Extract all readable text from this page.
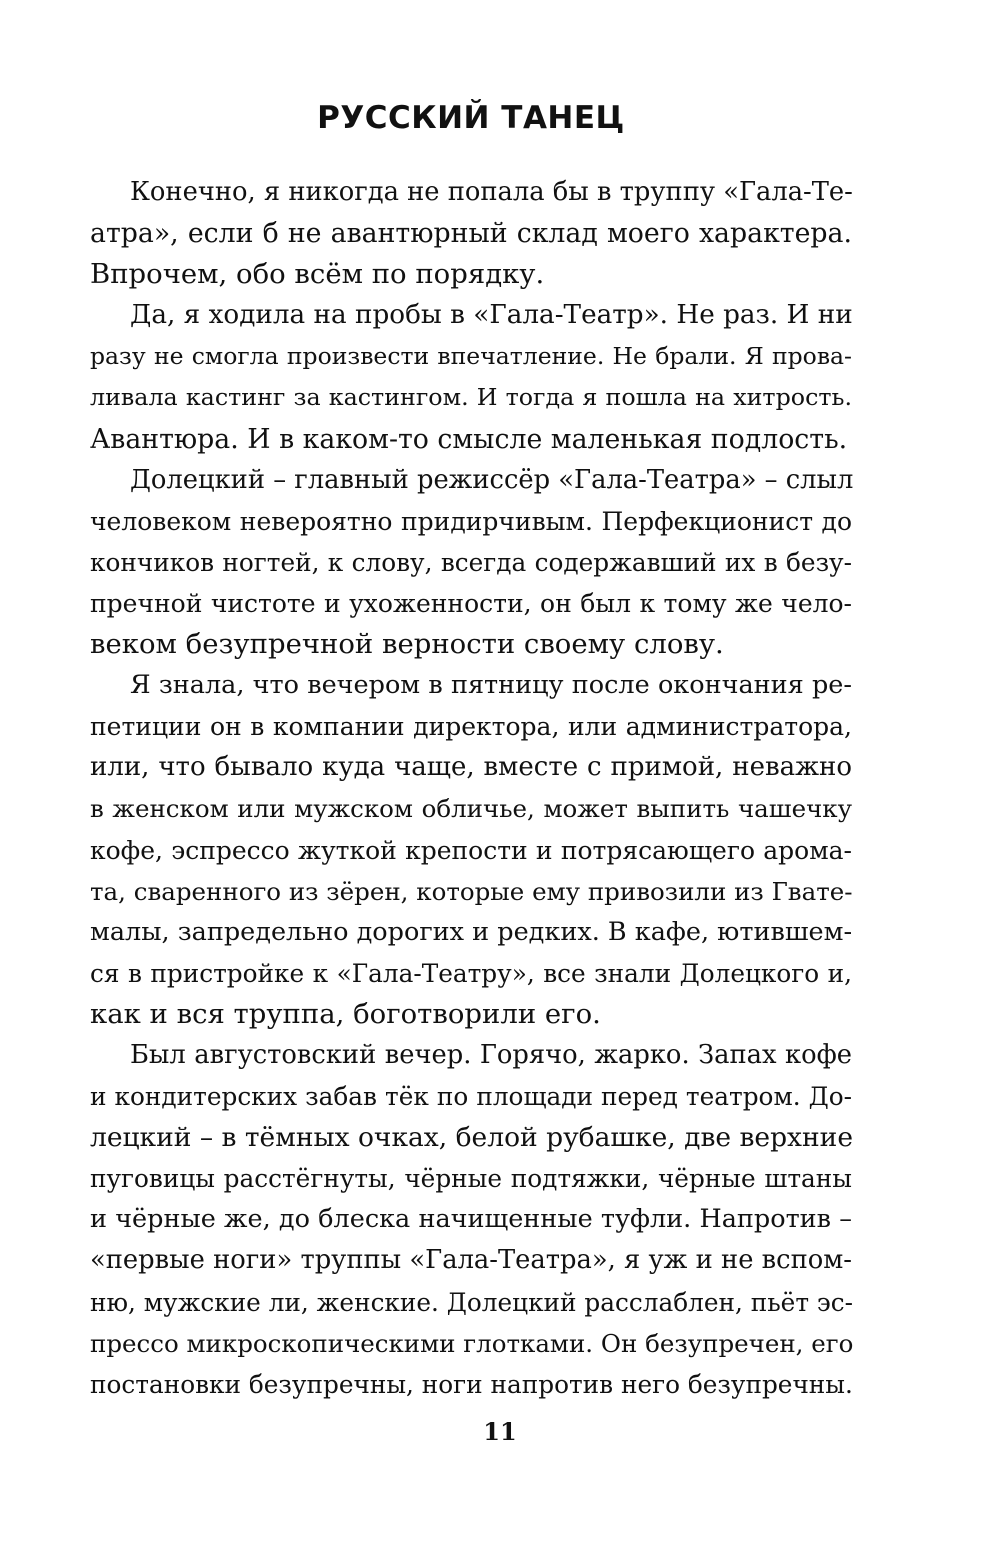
РУССКИЙ ТАНЕЦ

Конечно, я никогда не попала бы в труппу «Гала-Те-
атра», если б не авантюрный склад моего характера.
Впрочем, обо всём по порядку.

Да, я ходила на пробы в «Гала-Театр». Не раз. И ни
разу не смогла произвести впечатление. Не брали. Я прова-
ливала кастинг за кастингом. И тогда я пошла на хитрость.
Авантюра. И в каком-то смысле маленькая подлость.

Долецкий – главный режиссёр «Гала-Театра» – слыл
человеком невероятно придирчивым. Перфекционист до
кончиков ногтей, к слову, всегда содержавший их в безу-
пречной чистоте и ухоженности, он был к тому же чело-
веком безупречной верности своему слову.

Я знала, что вечером в пятницу после окончания ре-
петиции он в компании директора, или администратора,
или, что бывало куда чаще, вместе с примой, неважно
в женском или мужском обличье, может выпить чашечку
кофе, эспрессо жуткой крепости и потрясающего арома-
та, сваренного из зёрен, которые ему привозили из Гвате-
малы, запредельно дорогих и редких. В кафе, ютившем-
ся в пристройке к «Гала-Театру», все знали Долецкого и,
как и вся труппа, боготворили его.

Был августовский вечер. Горячо, жарко. Запах кофе
и кондитерских забав тёк по площади перед театром. До-
лецкий – в тёмных очках, белой рубашке, две верхние
пуговицы расстёгнуты, чёрные подтяжки, чёрные штаны
и чёрные же, до блеска начищенные туфли. Напротив –
«первые ноги» труппы «Гала-Театра», я уж и не вспом-
ню, мужские ли, женские. Долецкий расслаблен, пьёт эс-
прессо микроскопическими глотками. Он безупречен, его
постановки безупречны, ноги напротив него безупречны.

11
